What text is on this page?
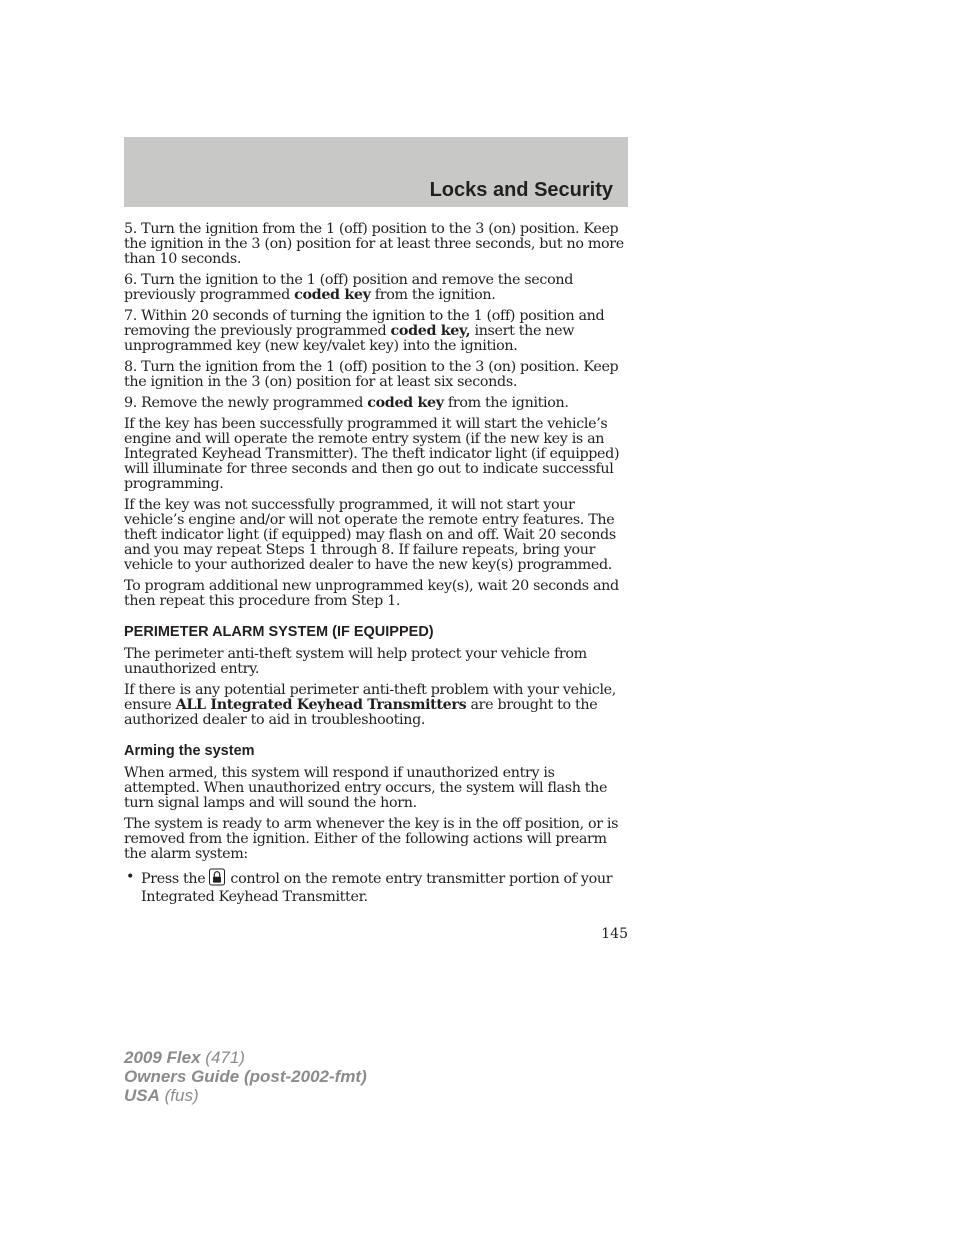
Locks and Security

5. Turn the ignition from the 1 (off) position to the 3 (on) position. Keep the ignition in the 3 (on) position for at least three seconds, but no more than 10 seconds.

6. Turn the ignition to the 1 (off) position and remove the second previously programmed coded key from the ignition.

7. Within 20 seconds of turning the ignition to the 1 (off) position and removing the previously programmed coded key, insert the new unprogrammed key (new key/valet key) into the ignition.

8. Turn the ignition from the 1 (off) position to the 3 (on) position. Keep the ignition in the 3 (on) position for at least six seconds.

9. Remove the newly programmed coded key from the ignition.

If the key has been successfully programmed it will start the vehicle’s engine and will operate the remote entry system (if the new key is an Integrated Keyhead Transmitter). The theft indicator light (if equipped) will illuminate for three seconds and then go out to indicate successful programming.

If the key was not successfully programmed, it will not start your vehicle’s engine and/or will not operate the remote entry features. The theft indicator light (if equipped) may flash on and off. Wait 20 seconds and you may repeat Steps 1 through 8. If failure repeats, bring your vehicle to your authorized dealer to have the new key(s) programmed.

To program additional new unprogrammed key(s), wait 20 seconds and then repeat this procedure from Step 1.

PERIMETER ALARM SYSTEM (IF EQUIPPED)

The perimeter anti-theft system will help protect your vehicle from unauthorized entry.

If there is any potential perimeter anti-theft problem with your vehicle, ensure ALL Integrated Keyhead Transmitters are brought to the authorized dealer to aid in troubleshooting.

Arming the system

When armed, this system will respond if unauthorized entry is attempted. When unauthorized entry occurs, the system will flash the turn signal lamps and will sound the horn.

The system is ready to arm whenever the key is in the off position, or is removed from the ignition. Either of the following actions will prearm the alarm system:

• Press the control on the remote entry transmitter portion of your Integrated Keyhead Transmitter.
145
2009 Flex (471)
Owners Guide (post-2002-fmt)
USA (fus)
